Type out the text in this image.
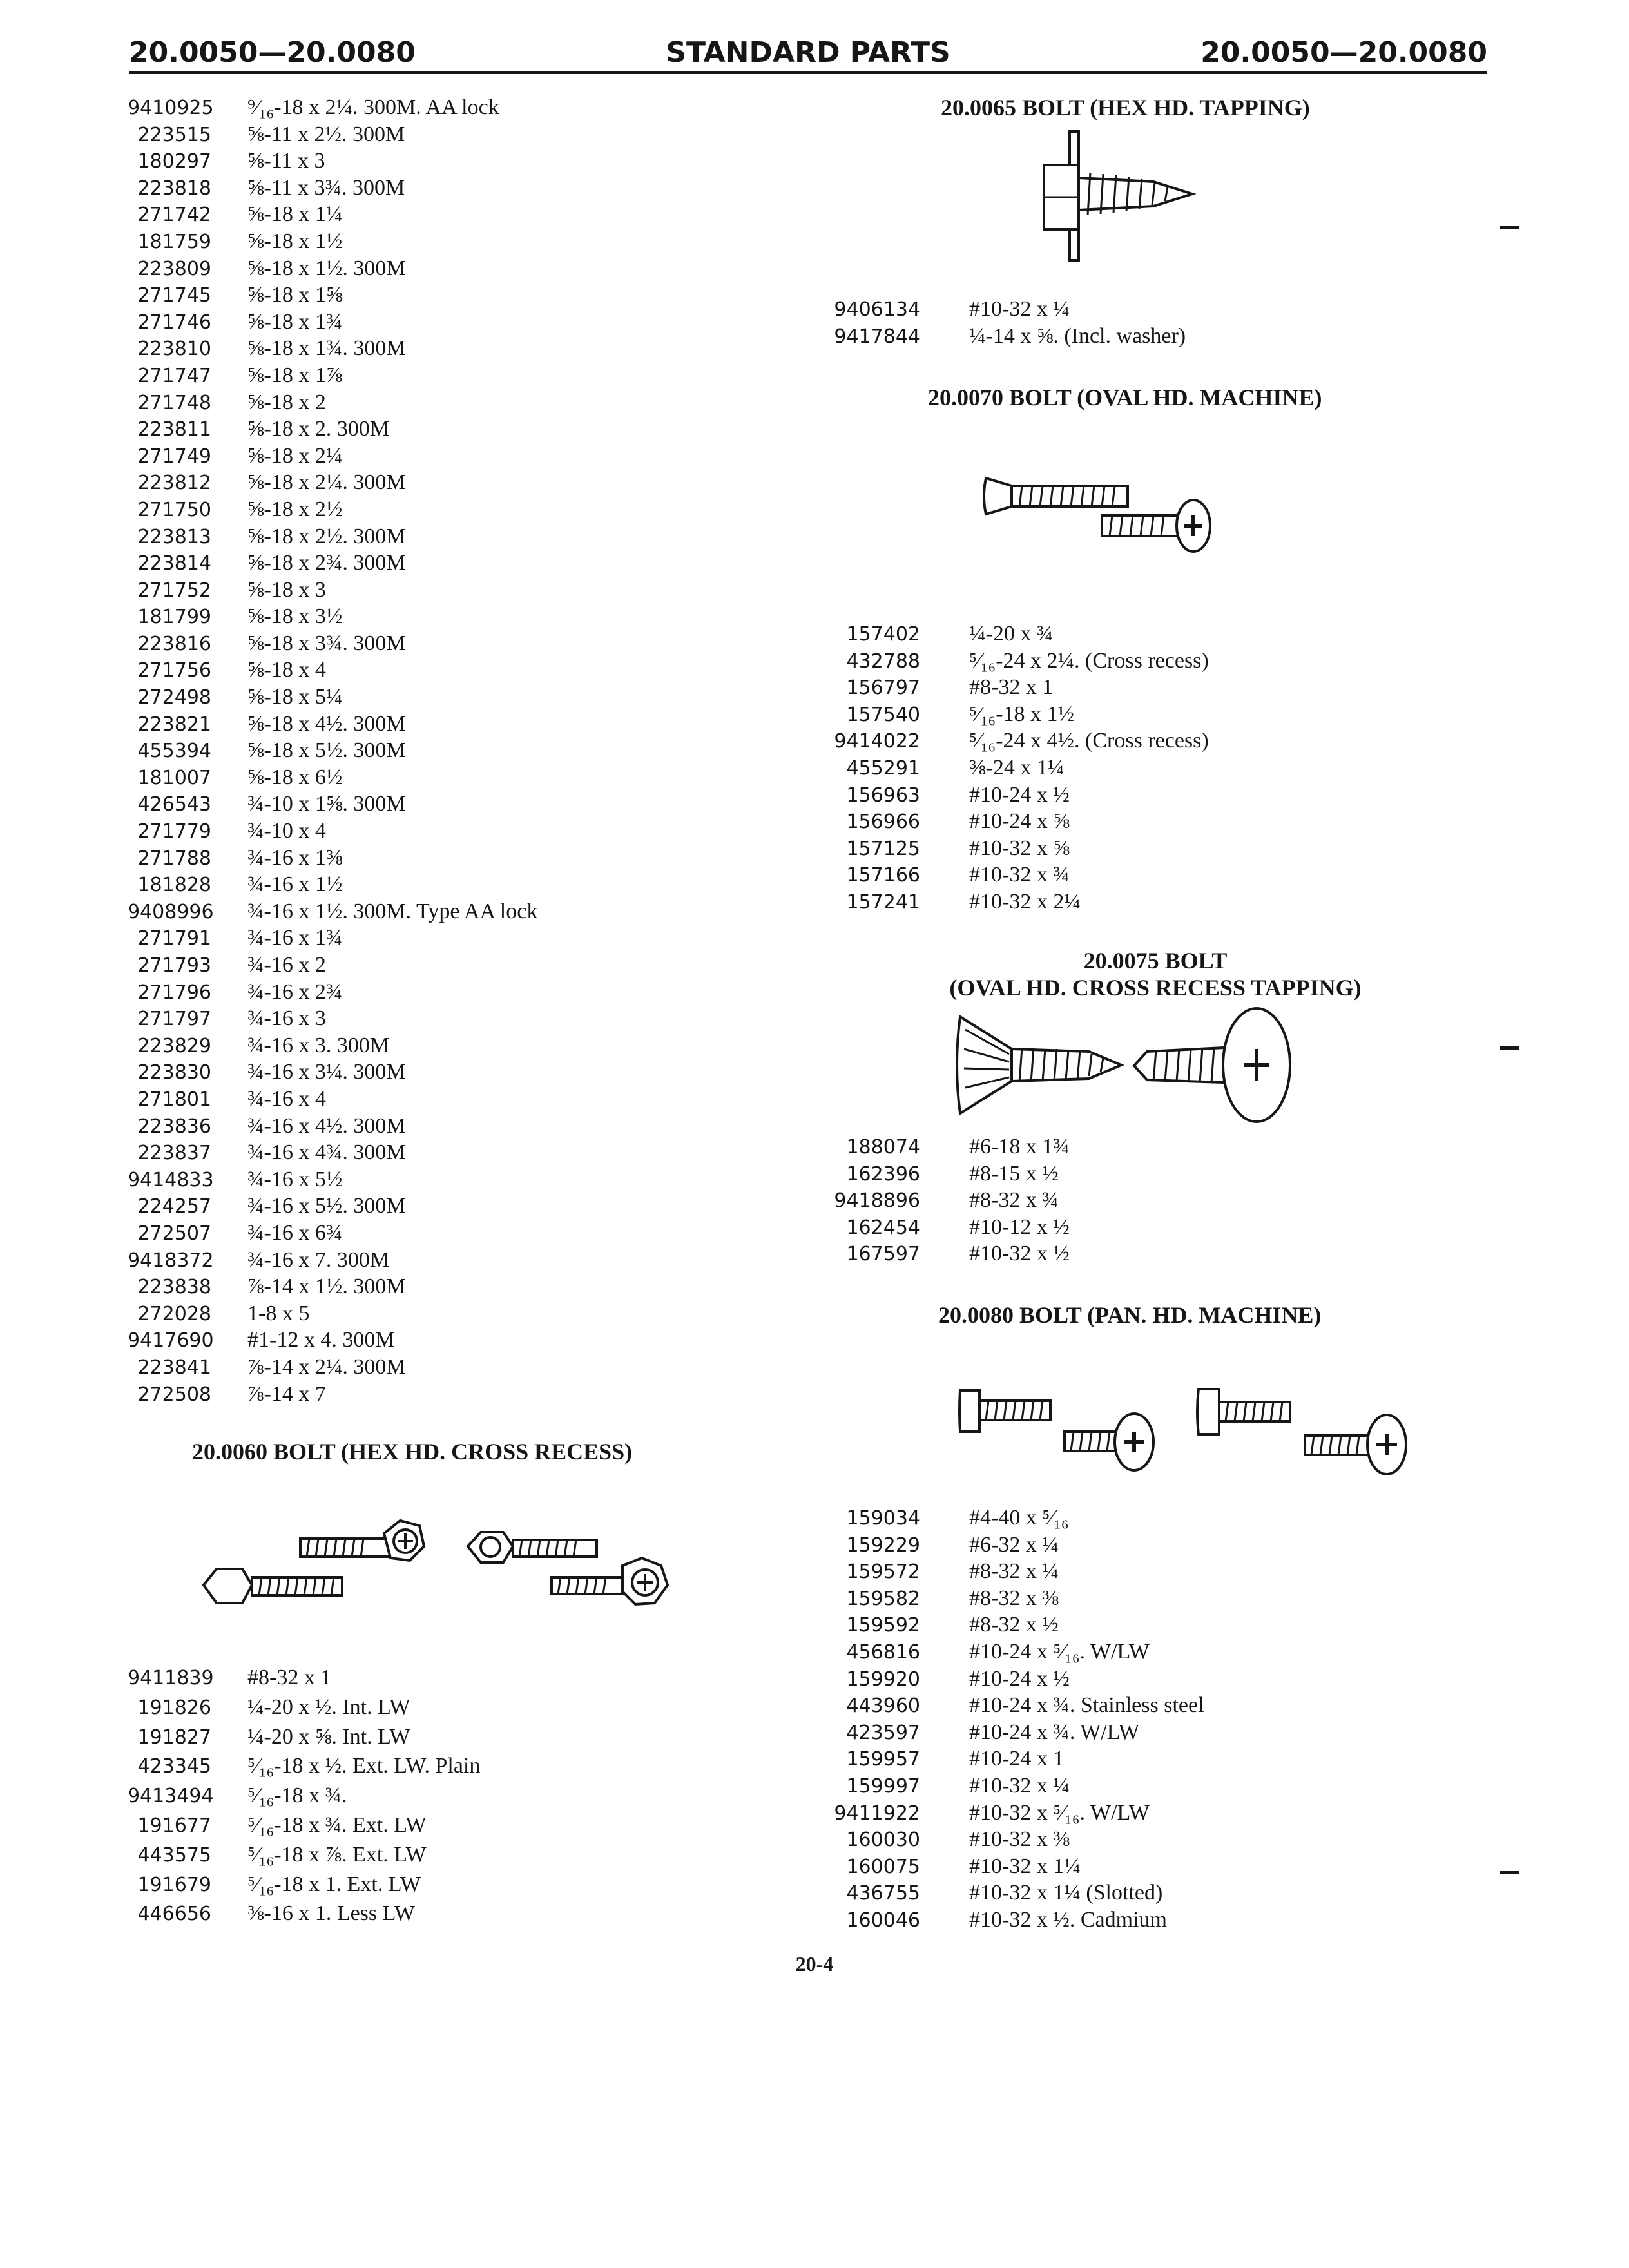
20.0050—20.0080	STANDARD PARTS	20.0050—20.0080
9410925	⁹⁄₁₆-18 x 2¼. 300M. AA lock
223515	⅝-11 x 2½. 300M
180297	⅝-11 x 3
223818	⅝-11 x 3¾. 300M
271742	⅝-18 x 1¼
181759	⅝-18 x 1½
223809	⅝-18 x 1½. 300M
271745	⅝-18 x 1⅝
271746	⅝-18 x 1¾
223810	⅝-18 x 1¾. 300M
271747	⅝-18 x 1⅞
271748	⅝-18 x 2
223811	⅝-18 x 2. 300M
271749	⅝-18 x 2¼
223812	⅝-18 x 2¼. 300M
271750	⅝-18 x 2½
223813	⅝-18 x 2½. 300M
223814	⅝-18 x 2¾. 300M
271752	⅝-18 x 3
181799	⅝-18 x 3½
223816	⅝-18 x 3¾. 300M
271756	⅝-18 x 4
272498	⅝-18 x 5¼
223821	⅝-18 x 4½. 300M
455394	⅝-18 x 5½. 300M
181007	⅝-18 x 6½
426543	¾-10 x 1⅝. 300M
271779	¾-10 x 4
271788	¾-16 x 1⅜
181828	¾-16 x 1½
9408996	¾-16 x 1½. 300M. Type AA lock
271791	¾-16 x 1¾
271793	¾-16 x 2
271796	¾-16 x 2¾
271797	¾-16 x 3
223829	¾-16 x 3. 300M
223830	¾-16 x 3¼. 300M
271801	¾-16 x 4
223836	¾-16 x 4½. 300M
223837	¾-16 x 4¾. 300M
9414833	¾-16 x 5½
224257	¾-16 x 5½. 300M
272507	¾-16 x 6¾
9418372	¾-16 x 7. 300M
223838	⅞-14 x 1½. 300M
272028	1-8 x 5
9417690	#1-12 x 4. 300M
223841	⅞-14 x 2¼. 300M
272508	⅞-14 x 7
20.0060 BOLT (HEX HD. CROSS RECESS)
9411839	#8-32 x 1
191826	¼-20 x ½. Int. LW
191827	¼-20 x ⅝. Int. LW
423345	⁵⁄₁₆-18 x ½. Ext. LW. Plain
9413494	⁵⁄₁₆-18 x ¾.
191677	⁵⁄₁₆-18 x ¾. Ext. LW
443575	⁵⁄₁₆-18 x ⅞. Ext. LW
191679	⁵⁄₁₆-18 x 1. Ext. LW
446656	⅜-16 x 1. Less LW
20.0065 BOLT (HEX HD. TAPPING)
9406134	#10-32 x ¼
9417844	¼-14 x ⅝. (Incl. washer)
20.0070 BOLT (OVAL HD. MACHINE)
157402	¼-20 x ¾
432788	⁵⁄₁₆-24 x 2¼. (Cross recess)
156797	#8-32 x 1
157540	⁵⁄₁₆-18 x 1½
9414022	⁵⁄₁₆-24 x 4½. (Cross recess)
455291	⅜-24 x 1¼
156963	#10-24 x ½
156966	#10-24 x ⅝
157125	#10-32 x ⅝
157166	#10-32 x ¾
157241	#10-32 x 2¼
20.0075 BOLT
(OVAL HD. CROSS RECESS TAPPING)
188074	#6-18 x 1¾
162396	#8-15 x ½
9418896	#8-32 x ¾
162454	#10-12 x ½
167597	#10-32 x ½
20.0080 BOLT (PAN. HD. MACHINE)
159034	#4-40 x ⁵⁄₁₆
159229	#6-32 x ¼
159572	#8-32 x ¼
159582	#8-32 x ⅜
159592	#8-32 x ½
456816	#10-24 x ⁵⁄₁₆. W/LW
159920	#10-24 x ½
443960	#10-24 x ¾. Stainless steel
423597	#10-24 x ¾. W/LW
159957	#10-24 x 1
159997	#10-32 x ¼
9411922	#10-32 x ⁵⁄₁₆. W/LW
160030	#10-32 x ⅜
160075	#10-32 x 1¼
436755	#10-32 x 1¼ (Slotted)
160046	#10-32 x ½. Cadmium
20-4
